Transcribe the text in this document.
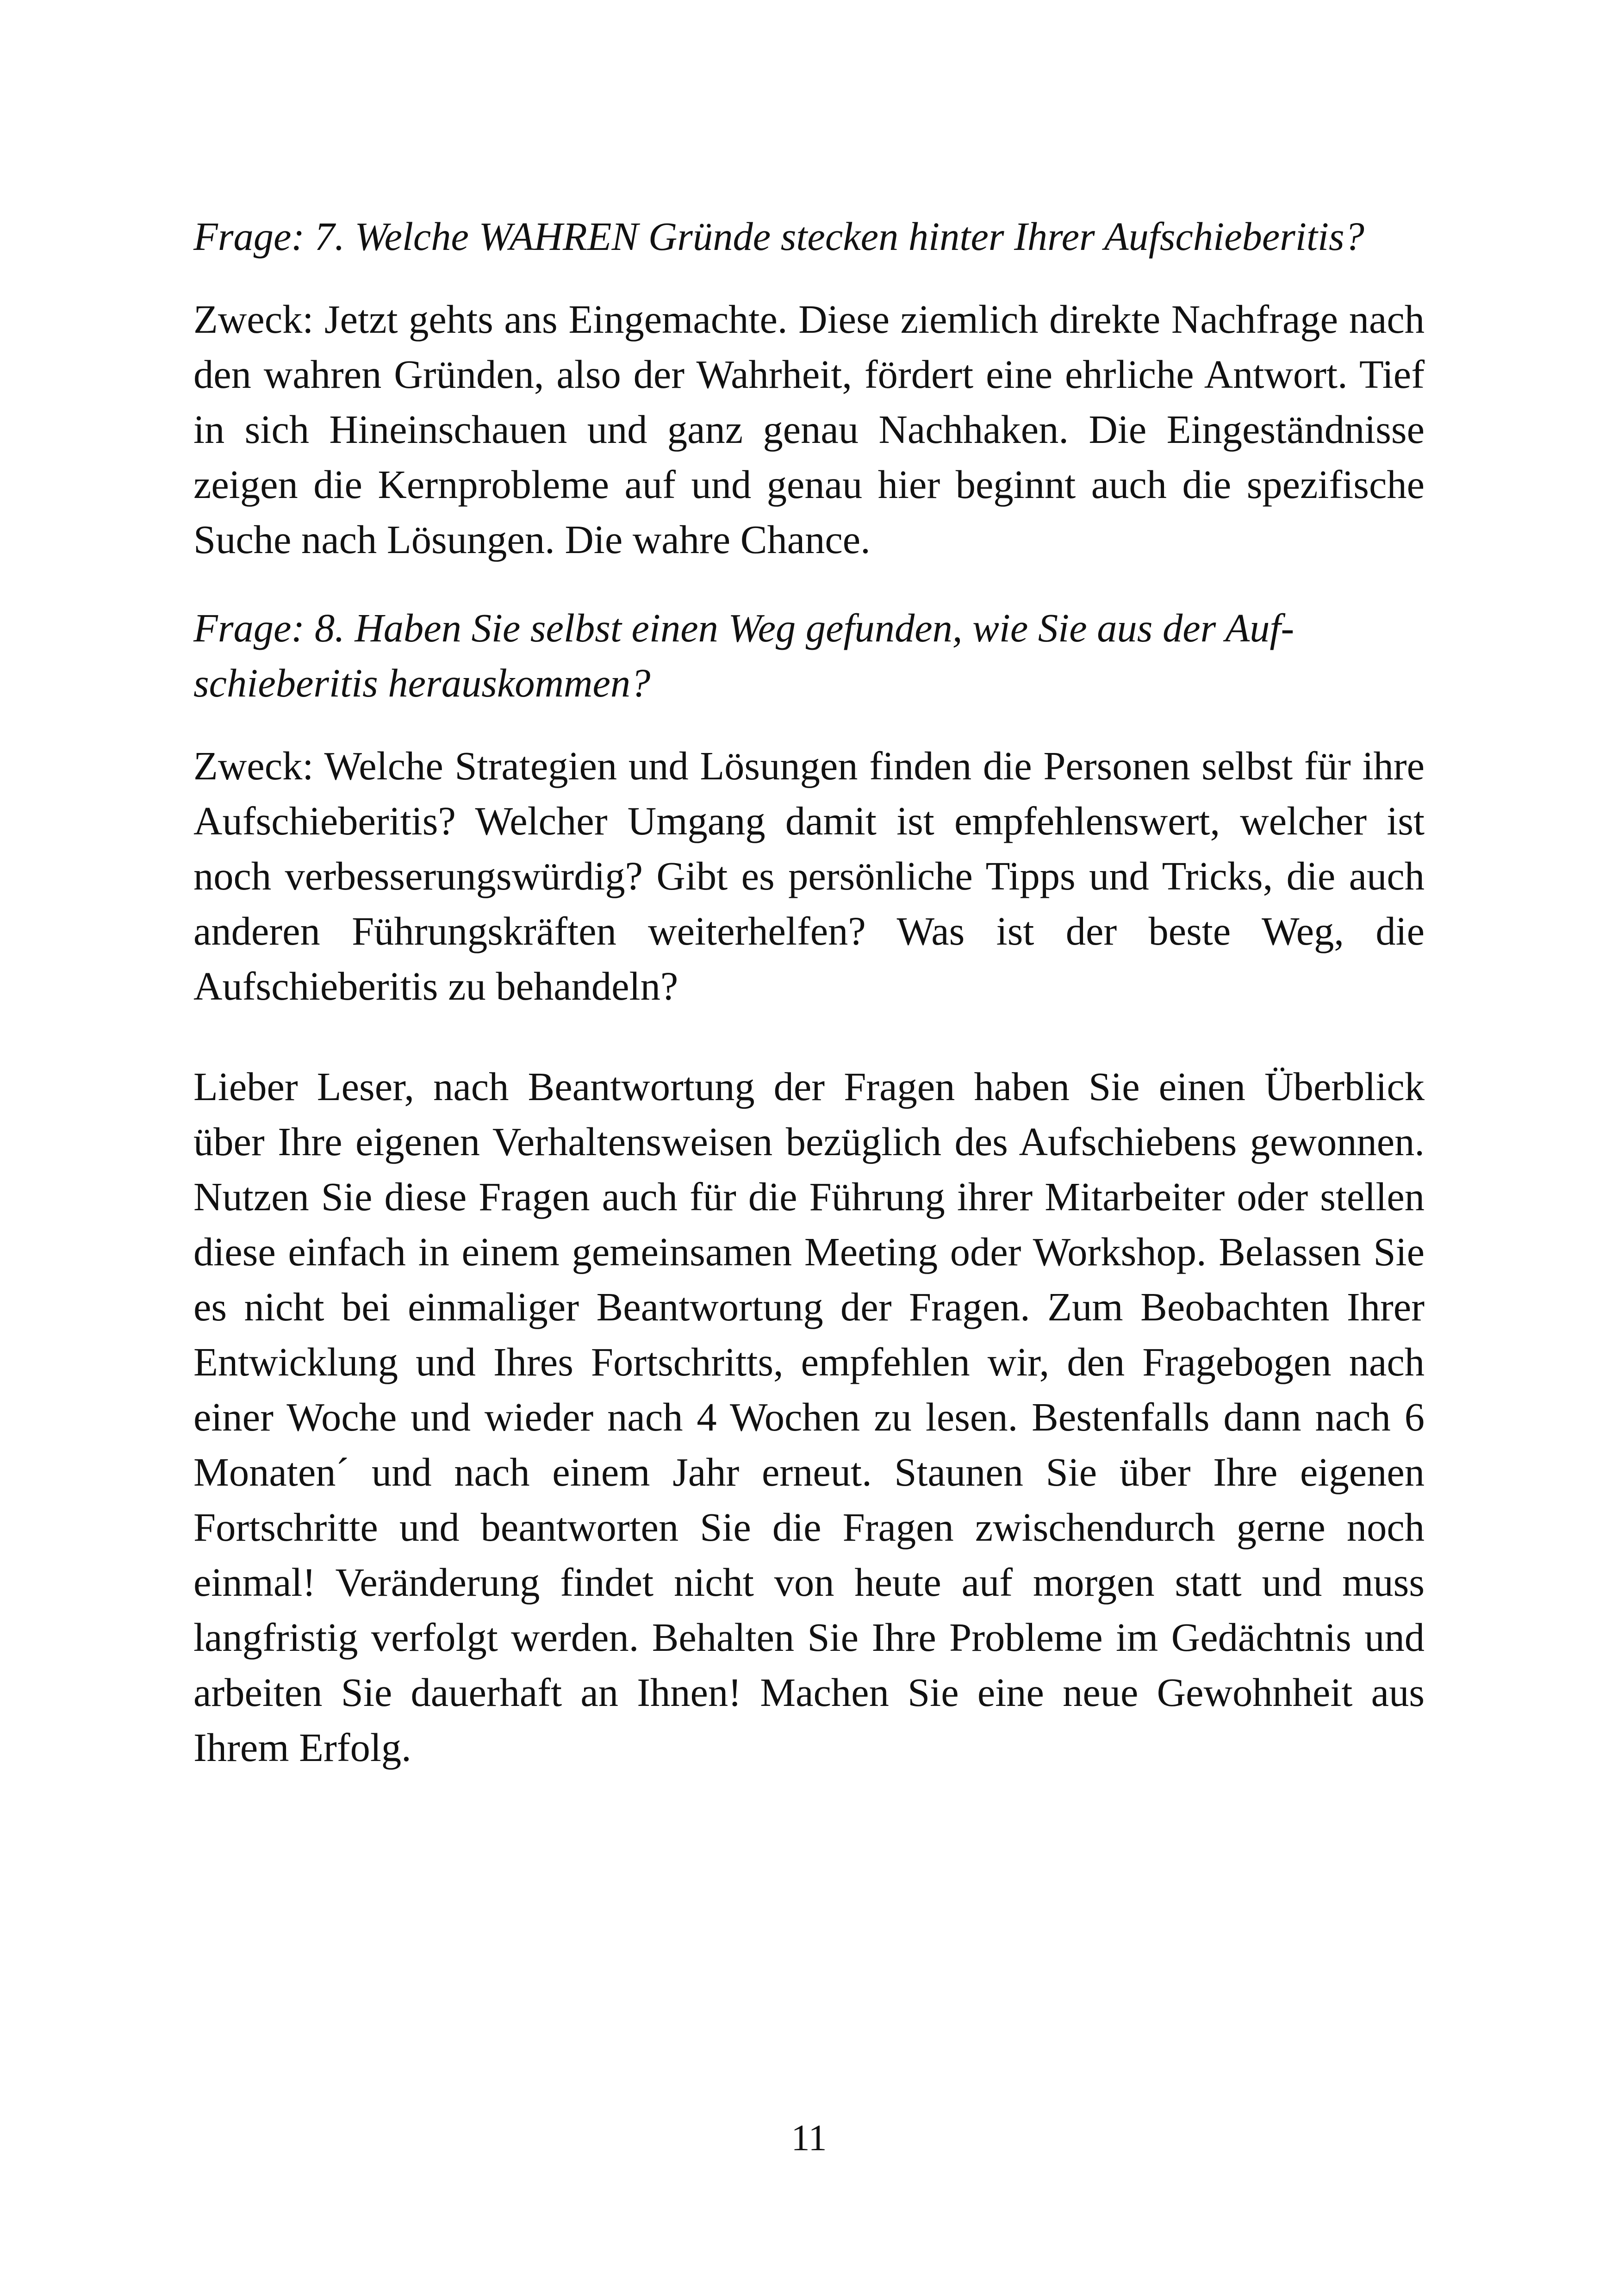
Frage: 7. Welche WAHREN Gründe stecken hinter Ihrer Aufschieberitis?

Zweck: Jetzt gehts ans Eingemachte. Diese ziemlich direkte Nachfrage nach den wahren Gründen, also der Wahrheit, fördert eine ehrliche Antwort. Tief in sich Hineinschauen und ganz genau Nachhaken. Die Eingeständnisse zeigen die Kernprobleme auf und genau hier beginnt auch die spezifische Suche nach Lösungen. Die wahre Chance.

Frage: 8. Haben Sie selbst einen Weg gefunden, wie Sie aus der Aufschieberitis herauskommen?

Zweck: Welche Strategien und Lösungen finden die Personen selbst für ihre Aufschieberitis? Welcher Umgang damit ist empfehlenswert, welcher ist noch verbesserungswürdig? Gibt es persönliche Tipps und Tricks, die auch anderen Führungskräften weiterhelfen? Was ist der beste Weg, die Aufschieberitis zu behandeln?

Lieber Leser, nach Beantwortung der Fragen haben Sie einen Überblick über Ihre eigenen Verhaltensweisen bezüglich des Aufschiebens gewonnen. Nutzen Sie diese Fragen auch für die Führung ihrer Mitarbeiter oder stellen diese einfach in einem gemeinsamen Meeting oder Workshop. Belassen Sie es nicht bei einmaliger Beantwortung der Fragen. Zum Beobachten Ihrer Entwicklung und Ihres Fortschritts, empfehlen wir, den Fragebogen nach einer Woche und wieder nach 4 Wochen zu lesen. Bestenfalls dann nach 6 Monaten´ und nach einem Jahr erneut. Staunen Sie über Ihre eigenen Fortschritte und beantworten Sie die Fragen zwischendurch gerne noch einmal! Veränderung findet nicht von heute auf morgen statt und muss langfristig verfolgt werden. Behalten Sie Ihre Probleme im Gedächtnis und arbeiten Sie dauerhaft an Ihnen! Machen Sie eine neue Gewohnheit aus Ihrem Erfolg.

11
